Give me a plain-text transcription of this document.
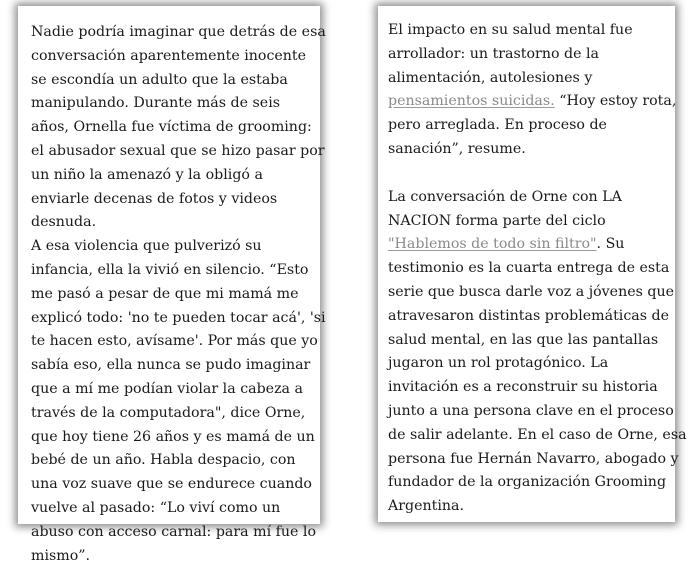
Nadie podría imaginar que detrás de esa
conversación aparentemente inocente
se escondía un adulto que la estaba
manipulando. Durante más de seis
años, Ornella fue víctima de grooming:
el abusador sexual que se hizo pasar por
un niño la amenazó y la obligó a
enviarle decenas de fotos y videos
desnuda.

A esa violencia que pulverizó su
infancia, ella la vivió en silencio. “Esto
me pasó a pesar de que mi mamá me
explicó todo: 'no te pueden tocar acá', 'si
te hacen esto, avísame'. Por más que yo
sabía eso, ella nunca se pudo imaginar
que a mí me podían violar la cabeza a
través de la computadora", dice Orne,
que hoy tiene 26 años y es mamá de un
bebé de un año. Habla despacio, con
una voz suave que se endurece cuando
vuelve al pasado: “Lo viví como un
abuso con acceso carnal: para mí fue lo
mismo”.

El impacto en su salud mental fue
arrollador: un trastorno de la
alimentación, autolesiones y
pensamientos suicidas. “Hoy estoy rota,
pero arreglada. En proceso de
sanación”, resume.

La conversación de Orne con LA
NACION forma parte del ciclo
"Hablemos de todo sin filtro". Su
testimonio es la cuarta entrega de esta
serie que busca darle voz a jóvenes que
atravesaron distintas problemáticas de
salud mental, en las que las pantallas
jugaron un rol protagónico. La
invitación es a reconstruir su historia
junto a una persona clave en el proceso
de salir adelante. En el caso de Orne, esa
persona fue Hernán Navarro, abogado y
fundador de la organización Grooming
Argentina.
